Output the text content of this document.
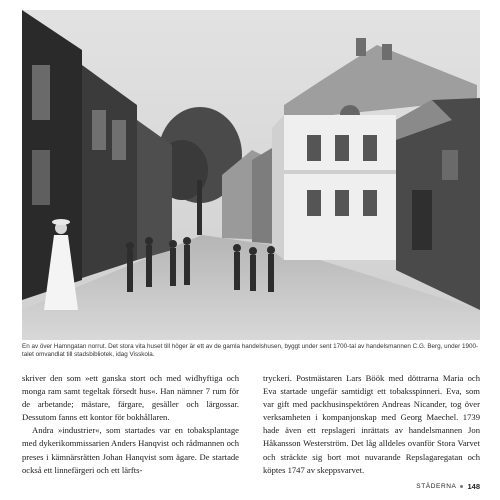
En av över Hamngatan norrut. Det stora vita huset till höger är ett av de gamla handelshusen, byggt under sent 1700-tal av handelsmannen C.G. Berg, under 1900-talet omvandlat till stadsbibliotek, idag Visskola.

skriver den som »ett ganska stort och med widhyftiga och monga ram samt tegeltak försedt hus«. Han nämner 7 rum för de arbetande; mästare, färgare, gesäller och lärgossar. Dessutom fanns ett kontor för bokhållaren.

Andra »industrier«, som startades var en tobaksplantage med dykerikommissarien Anders Hanqvist och rådmannen och preses i kämnärsrätten Johan Hanqvist som ägare. De startade också ett linnefärgeri och ett lärfts-

tryckeri. Postmästaren Lars Böök med döttrarna Maria och Eva startade ungefär samtidigt ett tobaksspinneri. Eva, som var gift med packhusinspektören Andreas Nicander, tog över verksamheten i kompanjonskap med Georg Maechel. 1739 hade även ett repslageri inrättats av handelsmannen Jon Håkansson Westerström. Det låg alldeles ovanför Stora Varvet och sträckte sig bort mot nuvarande Repslagaregatan och köptes 1747 av skeppsvarvet.

STÄDERNA 148
